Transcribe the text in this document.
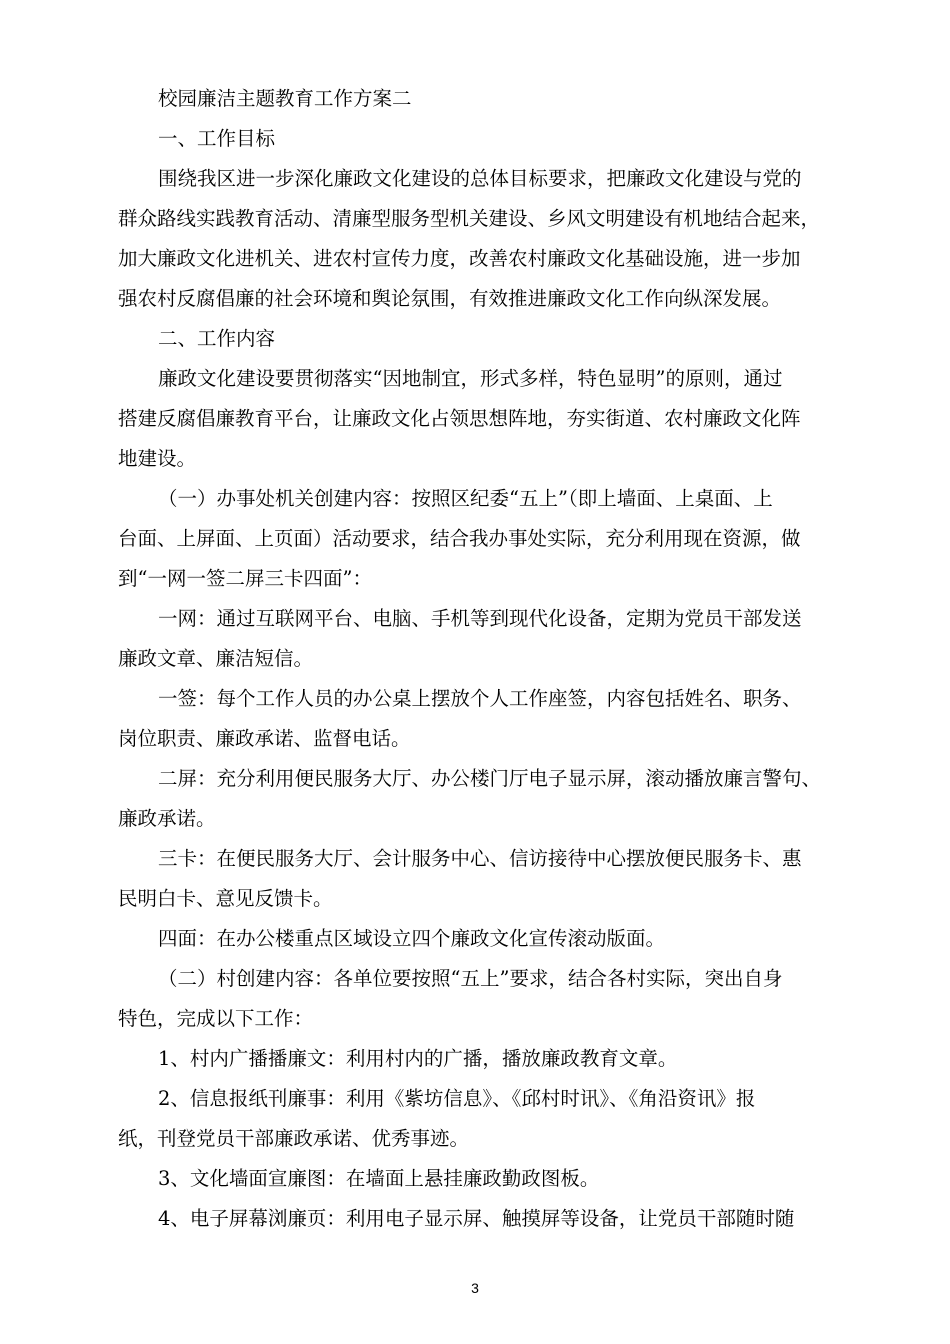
校园廉洁主题教育工作方案二
一、工作目标
围绕我区进一步深化廉政文化建设的总体目标要求，把廉政文化建设与党的
群众路线实践教育活动、清廉型服务型机关建设、乡风文明建设有机地结合起来，
加大廉政文化进机关、进农村宣传力度，改善农村廉政文化基础设施，进一步加
强农村反腐倡廉的社会环境和舆论氛围，有效推进廉政文化工作向纵深发展。
二、工作内容
廉政文化建设要贯彻落实“因地制宜，形式多样，特色显明”的原则，通过
搭建反腐倡廉教育平台，让廉政文化占领思想阵地，夯实街道、农村廉政文化阵
地建设。
（一）办事处机关创建内容：按照区纪委“五上”（即上墙面、上桌面、上
台面、上屏面、上页面）活动要求，结合我办事处实际，充分利用现在资源，做
到“一网一签二屏三卡四面”：
一网：通过互联网平台、电脑、手机等到现代化设备，定期为党员干部发送
廉政文章、廉洁短信。
一签：每个工作人员的办公桌上摆放个人工作座签，内容包括姓名、职务、
岗位职责、廉政承诺、监督电话。
二屏：充分利用便民服务大厅、办公楼门厅电子显示屏，滚动播放廉言警句、
廉政承诺。
三卡：在便民服务大厅、会计服务中心、信访接待中心摆放便民服务卡、惠
民明白卡、意见反馈卡。
四面：在办公楼重点区域设立四个廉政文化宣传滚动版面。
（二）村创建内容：各单位要按照“五上”要求，结合各村实际，突出自身
特色，完成以下工作：
1、村内广播播廉文：利用村内的广播，播放廉政教育文章。
2、信息报纸刊廉事：利用《紫坊信息》、《邱村时讯》、《角沿资讯》报
纸，刊登党员干部廉政承诺、优秀事迹。
3、文化墙面宣廉图：在墙面上悬挂廉政勤政图板。
4、电子屏幕浏廉页：利用电子显示屏、触摸屏等设备，让党员干部随时随
3
